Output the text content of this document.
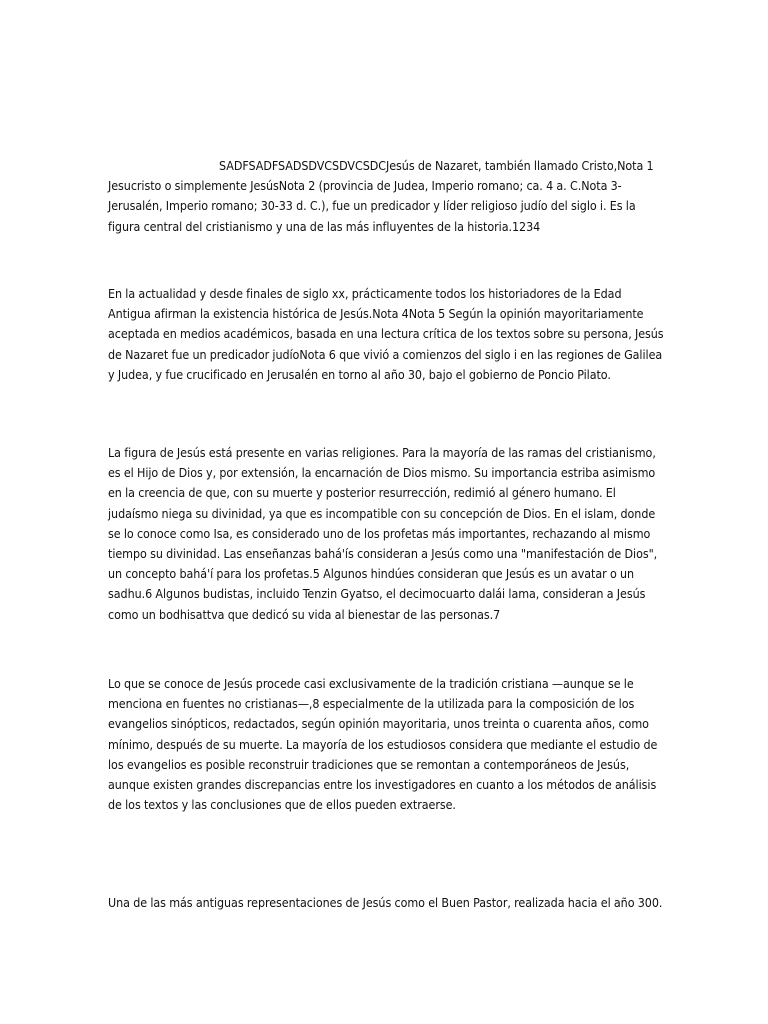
SADFSADFSADSDVCSDVCSDCJesús de Nazaret, también llamado Cristo,Nota 1 Jesucristo o simplemente JesúsNota 2 (provincia de Judea, Imperio romano; ca. 4 a. C.Nota 3-Jerusalén, Imperio romano; 30-33 d. C.), fue un predicador y líder religioso judío del siglo i. Es la figura central del cristianismo y una de las más influyentes de la historia.1234

En la actualidad y desde finales de siglo xx, prácticamente todos los historiadores de la Edad Antigua afirman la existencia histórica de Jesús.Nota 4Nota 5 Según la opinión mayoritariamente aceptada en medios académicos, basada en una lectura crítica de los textos sobre su persona, Jesús de Nazaret fue un predicador judíoNota 6 que vivió a comienzos del siglo i en las regiones de Galilea y Judea, y fue crucificado en Jerusalén en torno al año 30, bajo el gobierno de Poncio Pilato.

La figura de Jesús está presente en varias religiones. Para la mayoría de las ramas del cristianismo, es el Hijo de Dios y, por extensión, la encarnación de Dios mismo. Su importancia estriba asimismo en la creencia de que, con su muerte y posterior resurrección, redimió al género humano. El judaísmo niega su divinidad, ya que es incompatible con su concepción de Dios. En el islam, donde se lo conoce como Isa, es considerado uno de los profetas más importantes, rechazando al mismo tiempo su divinidad. Las enseñanzas bahá'ís consideran a Jesús como una "manifestación de Dios", un concepto bahá'í para los profetas.5 Algunos hindúes consideran que Jesús es un avatar o un sadhu.6 Algunos budistas, incluido Tenzin Gyatso, el decimocuarto dalái lama, consideran a Jesús como un bodhisattva que dedicó su vida al bienestar de las personas.7

Lo que se conoce de Jesús procede casi exclusivamente de la tradición cristiana —aunque se le menciona en fuentes no cristianas—,8 especialmente de la utilizada para la composición de los evangelios sinópticos, redactados, según opinión mayoritaria, unos treinta o cuarenta años, como mínimo, después de su muerte. La mayoría de los estudiosos considera que mediante el estudio de los evangelios es posible reconstruir tradiciones que se remontan a contemporáneos de Jesús, aunque existen grandes discrepancias entre los investigadores en cuanto a los métodos de análisis de los textos y las conclusiones que de ellos pueden extraerse.

Una de las más antiguas representaciones de Jesús como el Buen Pastor, realizada hacia el año 300.
